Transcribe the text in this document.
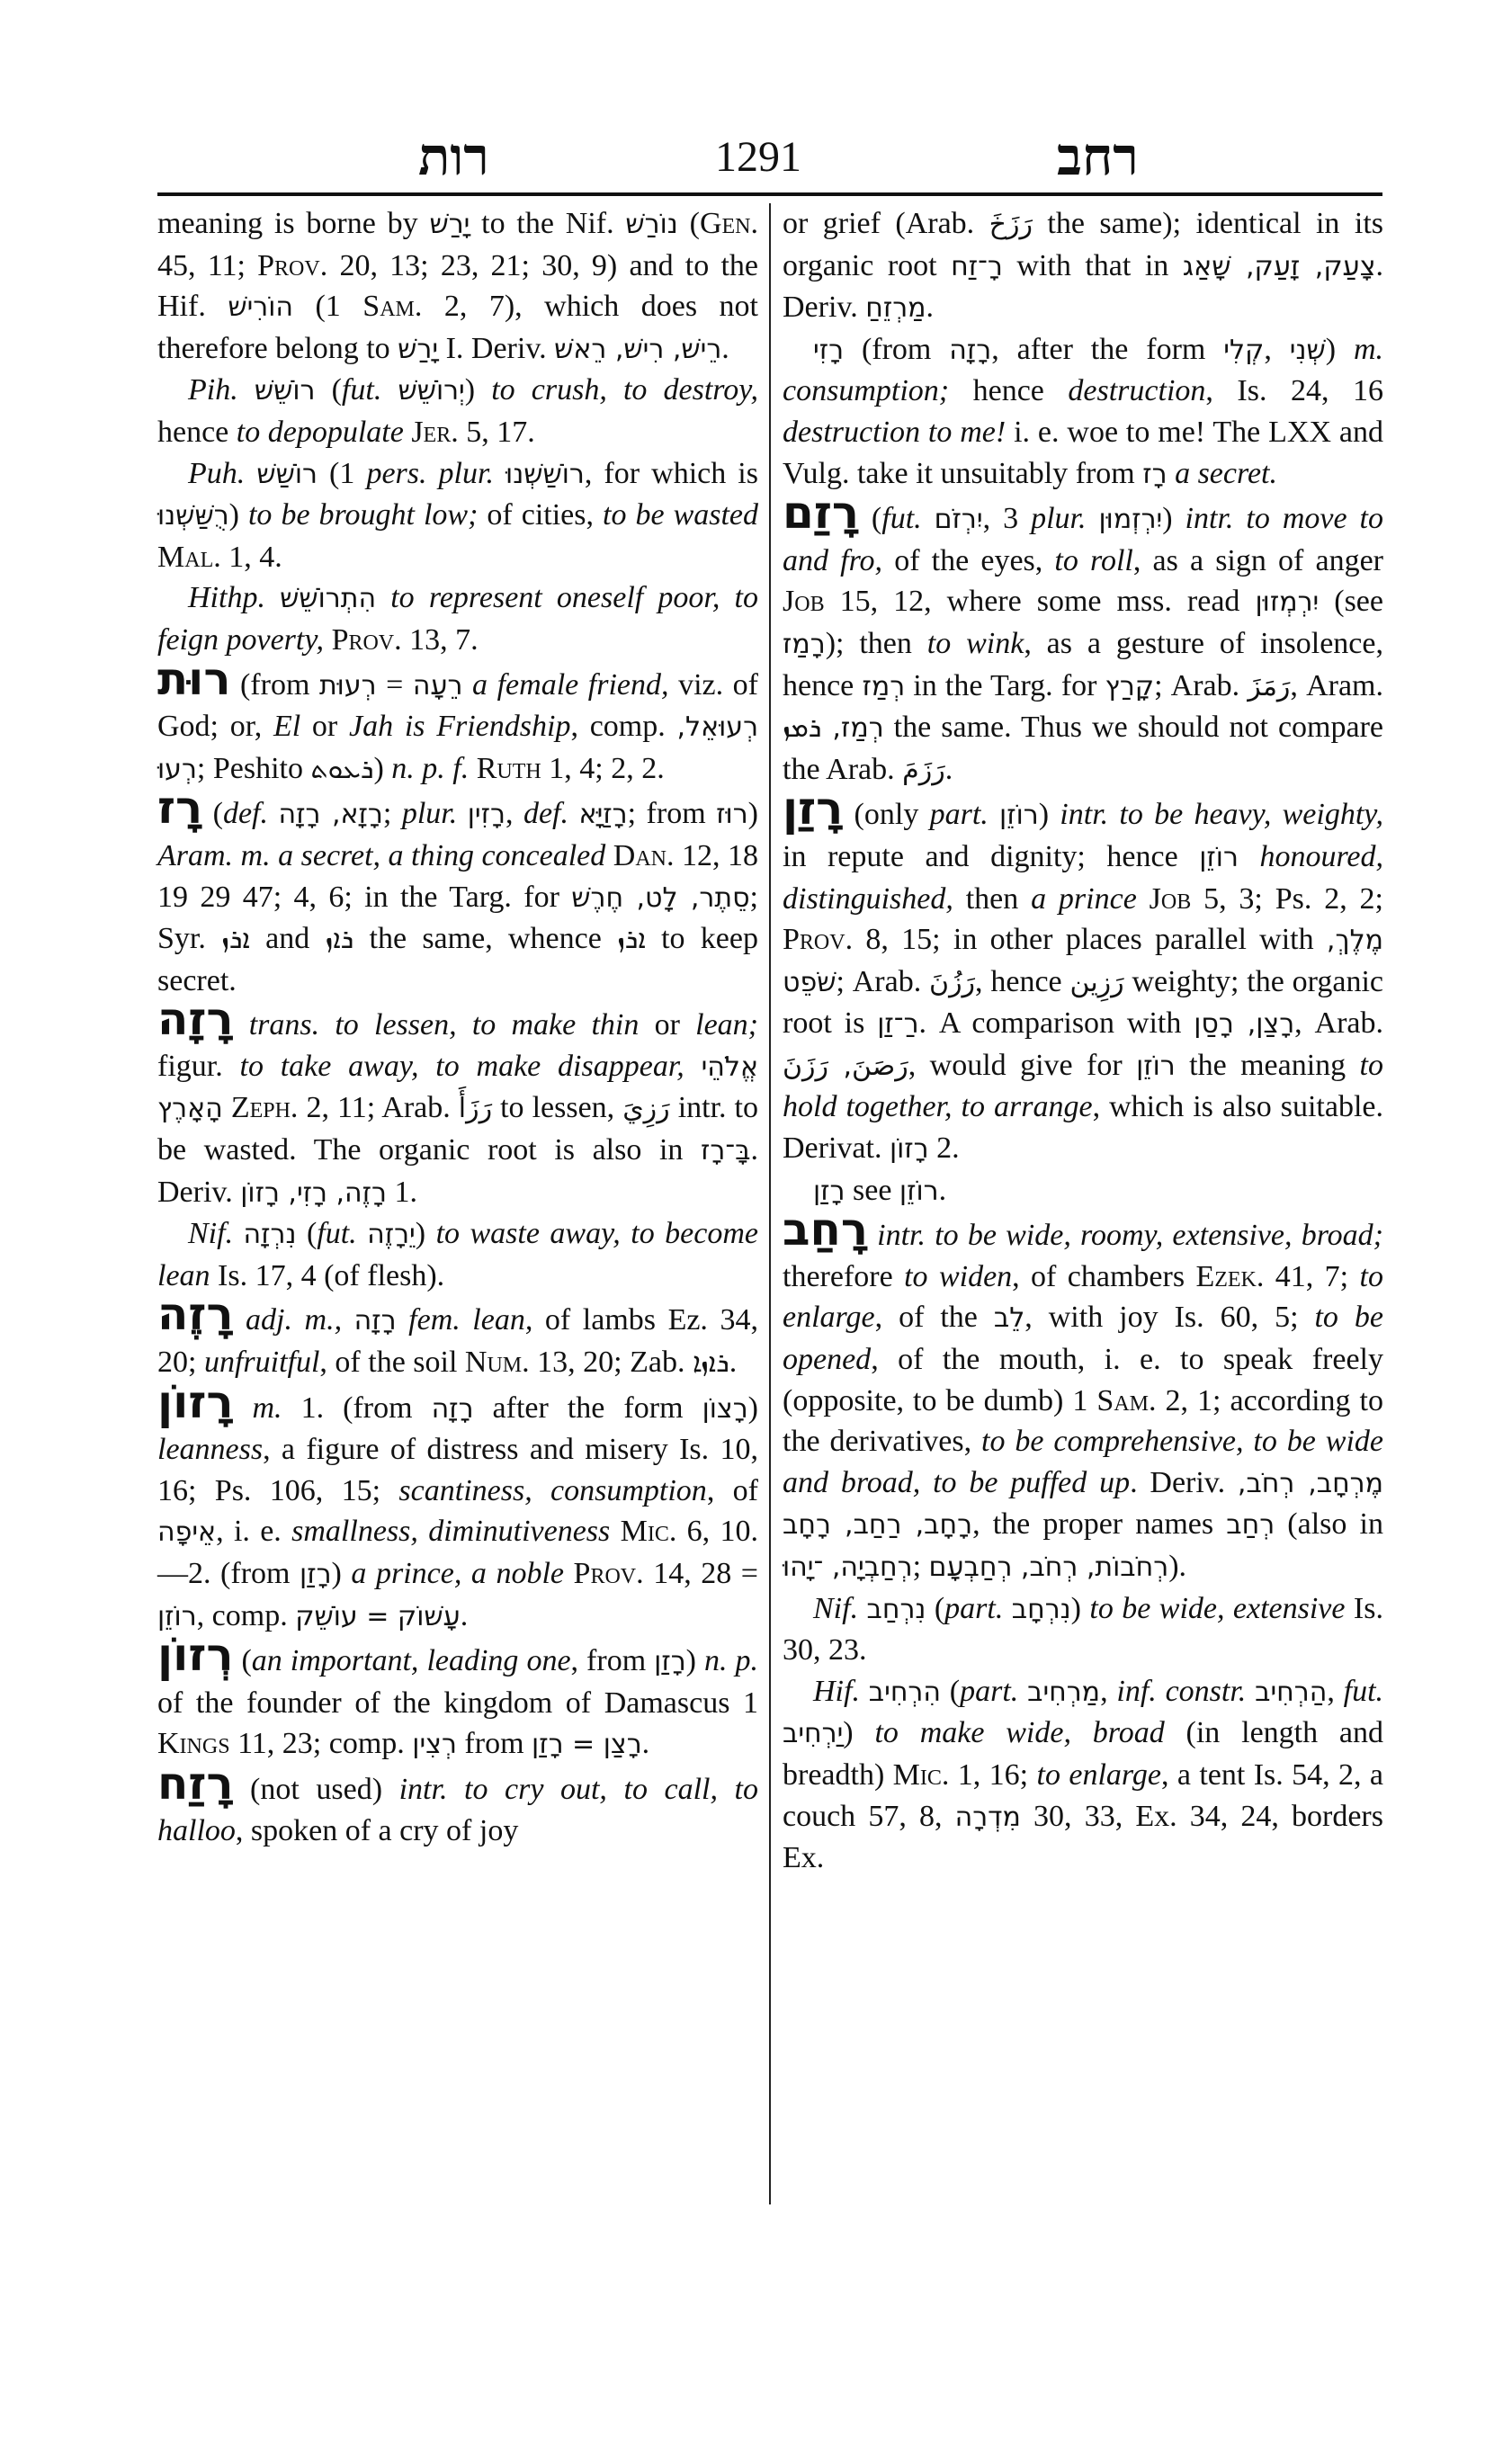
רות	1291	רחב

meaning is borne by יָרַשׁ to the Nif. נוֹרַשׁ (Gen. 45, 11; Prov. 20, 13; 23, 21; 30, 9) and to the Hif. הוֹרִישׁ (1 Sam. 2, 7), which does not therefore belong to יָרַשׁ I. Deriv. רֵישׁ, רִישׁ, רֵאשׁ.

Pih. רוֹשֵׁשׁ (fut. יְרוֹשֵׁשׁ) to crush, to destroy, hence to depopulate Jer. 5, 17.

Puh. רוֹשַׁשׁ (1 pers. plur. רוֹשַׁשְׁנוּ, for which is רֻשַּׁשְׁנוּ) to be brought low; of cities, to be wasted Mal. 1, 4.

Hithp. הִתְרוֹשֵׁשׁ to represent oneself poor, to feign poverty, Prov. 13, 7.

רוּת (from רְעוּת = רֵעָה a female friend, viz. of God; or, El or Jah is Friendship, comp. רְעוּאֵל, רְעוּ; Peshito ܪܥܘܬ) n. p. f. Ruth 1, 4; 2, 2.

רָז (def. רָזָא, רָזָה; plur. רָזִין, def. רָזַיָּא; from רוּז) Aram. m. a secret, a thing concealed Dan. 12, 18 19 29 47; 4, 6; in the Targ. for סֵתֶר, לָט, חֶרֶשׁ; Syr. ܐܪܙ and ܪܐܙ the same, whence ܐܪܙ to keep secret.

רָזָה trans. to lessen, to make thin or lean; figur. to take away, to make disappear, אֱלֹהֵי הָאָרֶץ Zeph. 2, 11; Arab. رَزَأَ to lessen, رَزِيَ intr. to be wasted. The organic root is also in בָּ־רָז. Deriv. רָזֶה, רָזִי, רָזוֹן 1.

Nif. נִרְזָה (fut. יֵרָזֶה) to waste away, to become lean Is. 17, 4 (of flesh).

רָזֶה adj. m., רָזָה fem. lean, of lambs Ez. 34, 20; unfruitful, of the soil Num. 13, 20; Zab. ܪܐܙܐ.

רָזוֹן m. 1. (from רָזָה after the form רָצוֹן) leanness, a figure of distress and misery Is. 10, 16; Ps. 106, 15; scantiness, consumption, of אֵיפָה, i. e. smallness, diminutiveness Mic. 6, 10.—2. (from רָזַן) a prince, a noble Prov. 14, 28 = רוֹזֵן, comp. עָשׁוֹק = עוֹשֵׁק.

רְזוֹן (an important, leading one, from רָזַן) n. p. of the founder of the kingdom of Damascus 1 Kings 11, 23; comp. רְצִין from רָצַן = רָזַן.

רָזַח (not used) intr. to cry out, to call, to halloo, spoken of a cry of joy

or grief (Arab. رَزَخَ the same); identical in its organic root רָ־זַח with that in צָעַק, זָעַק, שָׁאַג. Deriv. מַרְזֵחַ.

רָזִי (from רָזָה, after the form קְלִי, שְׁנִי) m. consumption; hence destruction, Is. 24, 16 destruction to me! i. e. woe to me! The LXX and Vulg. take it unsuitably from רָז a secret.

רָזַם (fut. יִרְזֹם, 3 plur. יִרְזְמוּן) intr. to move to and fro, of the eyes, to roll, as a sign of anger Job 15, 12, where some mss. read יִרְמְזוּן (see רָמַז); then to wink, as a gesture of insolence, hence רְמַז in the Targ. for קָרַץ; Arab. رَمَزَ, Aram. רְמַז, ܪܡܙ the same. Thus we should not compare the Arab. رَزَمَ.

רָזַן (only part. רוֹזֵן) intr. to be heavy, weighty, in repute and dignity; hence רוֹזֵן honoured, distinguished, then a prince Job 5, 3; Ps. 2, 2; Prov. 8, 15; in other places parallel with מֶלֶךְ, שֹׁפֵט; Arab. رَزُنَ, hence رَزِين weighty; the organic root is רַ־זַן. A comparison with רָצַן, רָסַן, Arab. رَصَنَ, رَزَنَ, would give for רוֹזֵן the meaning to hold together, to arrange, which is also suitable. Derivat. רָזוֹן 2.

רָזַן see רוֹזֵן.

רָחַב intr. to be wide, roomy, extensive, broad; therefore to widen, of chambers Ezek. 41, 7; to enlarge, of the לֵב, with joy Is. 60, 5; to be opened, of the mouth, i. e. to speak freely (opposite, to be dumb) 1 Sam. 2, 1; according to the derivatives, to be comprehensive, to be wide and broad, to be puffed up. Deriv. מֶרְחָב, רְחֹב, רָחָב, רַחַב, רָחָב, the proper names רְחַב (also in רְחַבְיָה, ־יָהוּ; רְחֹבוֹת, רְחֹב, רְחַבְעָם).

Nif. נִרְחַב (part. נִרְחָב) to be wide, extensive Is. 30, 23.

Hif. הִרְחִיב (part. מַרְחִיב, inf. constr. הַרְחִיב, fut. יַרְחִיב) to make wide, broad (in length and breadth) Mic. 1, 16; to enlarge, a tent Is. 54, 2, a couch 57, 8, מִדְרָה 30, 33, Ex. 34, 24, borders Ex.
